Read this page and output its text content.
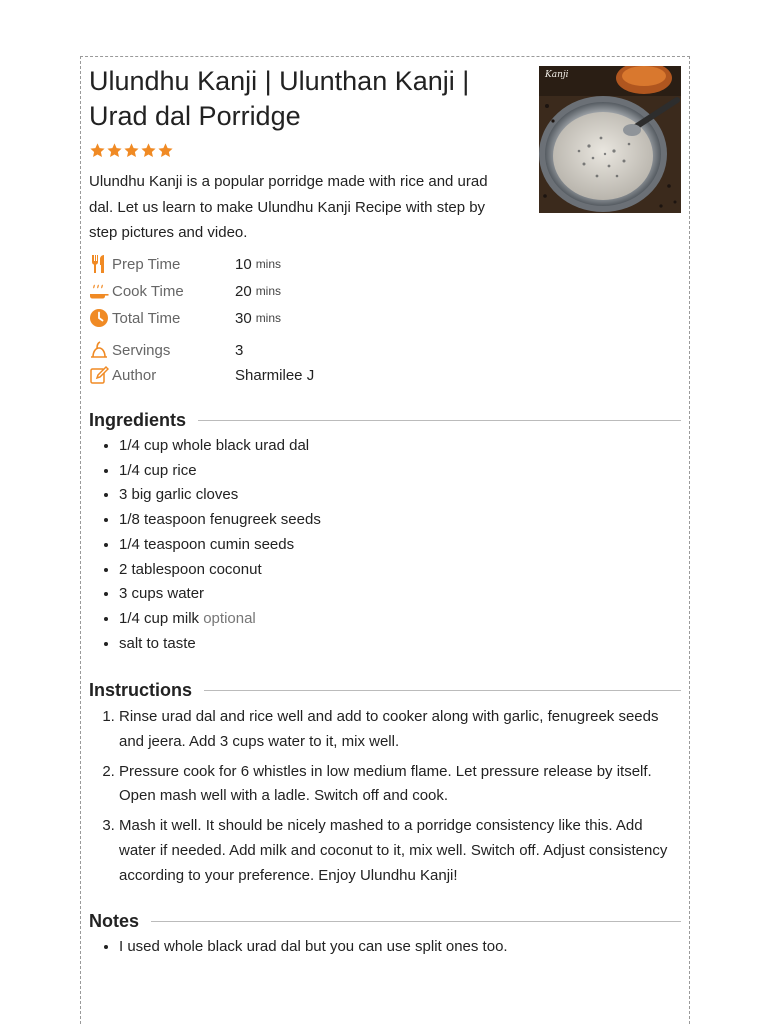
Ulundhu Kanji | Ulunthan Kanji | Urad dal Porridge
Kanji

Ulundhu Kanji is a popular porridge made with rice and urad dal. Let us learn to make Ulundhu Kanji Recipe with step by step pictures and video.

Prep Time	10 mins
Cook Time	20 mins
Total Time	30 mins
Servings	3
Author	Sharmilee J
Ingredients
• 1/4 cup whole black urad dal
• 1/4 cup rice
• 3 big garlic cloves
• 1/8 teaspoon fenugreek seeds
• 1/4 teaspoon cumin seeds
• 2 tablespoon coconut
• 3 cups water
• 1/4 cup milk optional
• salt to taste
Instructions
1. Rinse urad dal and rice well and add to cooker along with garlic, fenugreek seeds and jeera. Add 3 cups water to it, mix well.
2. Pressure cook for 6 whistles in low medium flame. Let pressure release by itself. Open mash well with a ladle. Switch off and cook.
3. Mash it well. It should be nicely mashed to a porridge consistency like this. Add water if needed. Add milk and coconut to it, mix well. Switch off. Adjust consistency according to your preference. Enjoy Ulundhu Kanji!
Notes
• I used whole black urad dal but you can use split ones too.
